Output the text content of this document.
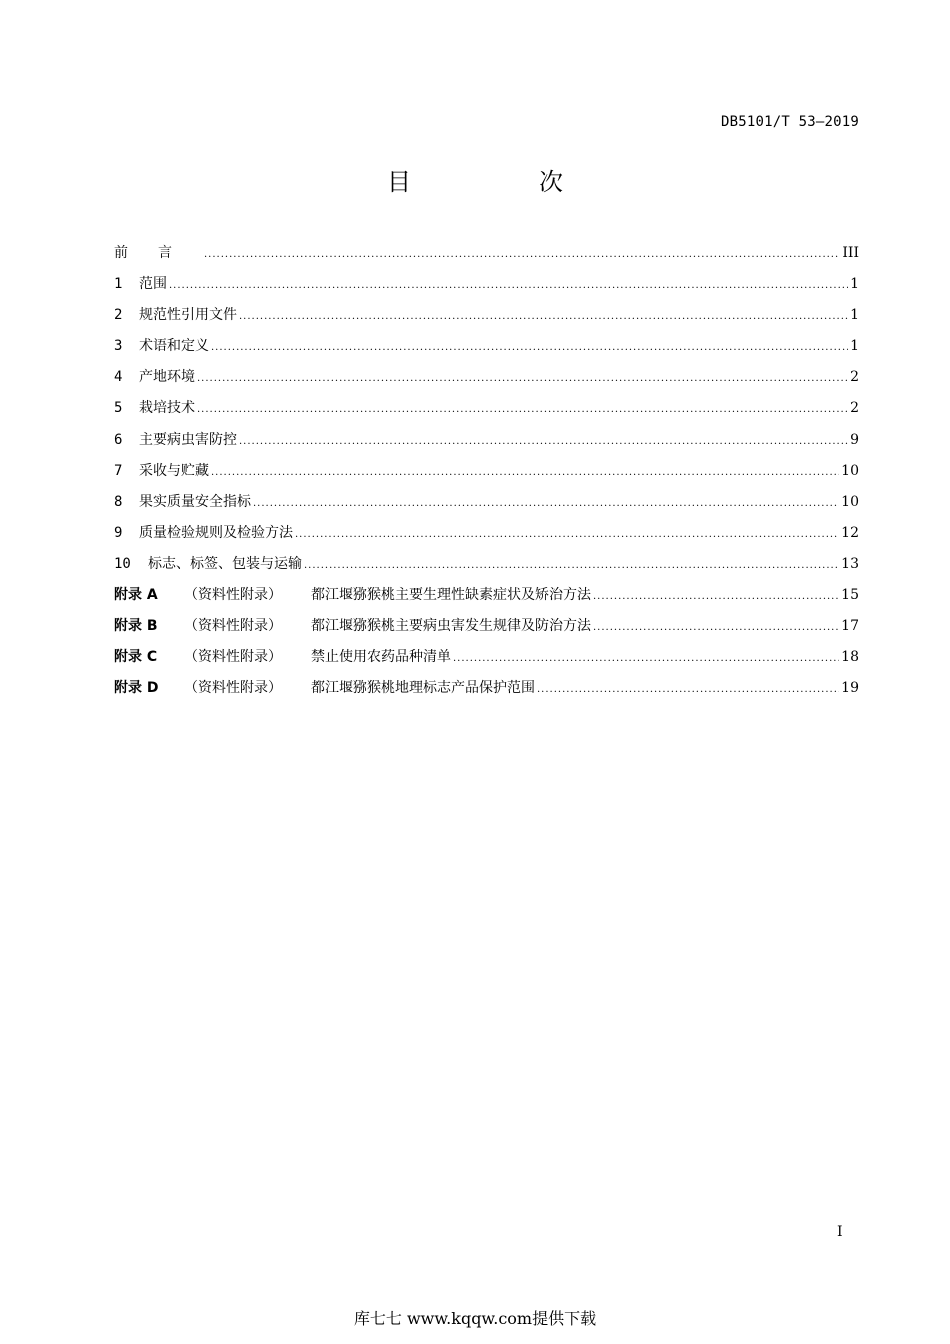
DB5101/T 53—2019
目　次
前言 .....	III
1	范围 .....	1
2	规范性引用文件 .....	1
3	术语和定义 .....	1
4	产地环境 .....	2
5	栽培技术 .....	2
6	主要病虫害防控 .....	9
7	采收与贮藏 .....	10
8	果实质量安全指标 .....	10
9	质量检验规则及检验方法 .....	12
10	标志、标签、包装与运输 .....	13
附录 A	（资料性附录）	都江堰猕猴桃主要生理性缺素症状及矫治方法 .....	15
附录 B	（资料性附录）	都江堰猕猴桃主要病虫害发生规律及防治方法 .....	17
附录 C	（资料性附录）	禁止使用农药品种清单 .....	18
附录 D	（资料性附录）	都江堰猕猴桃地理标志产品保护范围 .....	19
I
库七七 www.kqqw.com提供下载
